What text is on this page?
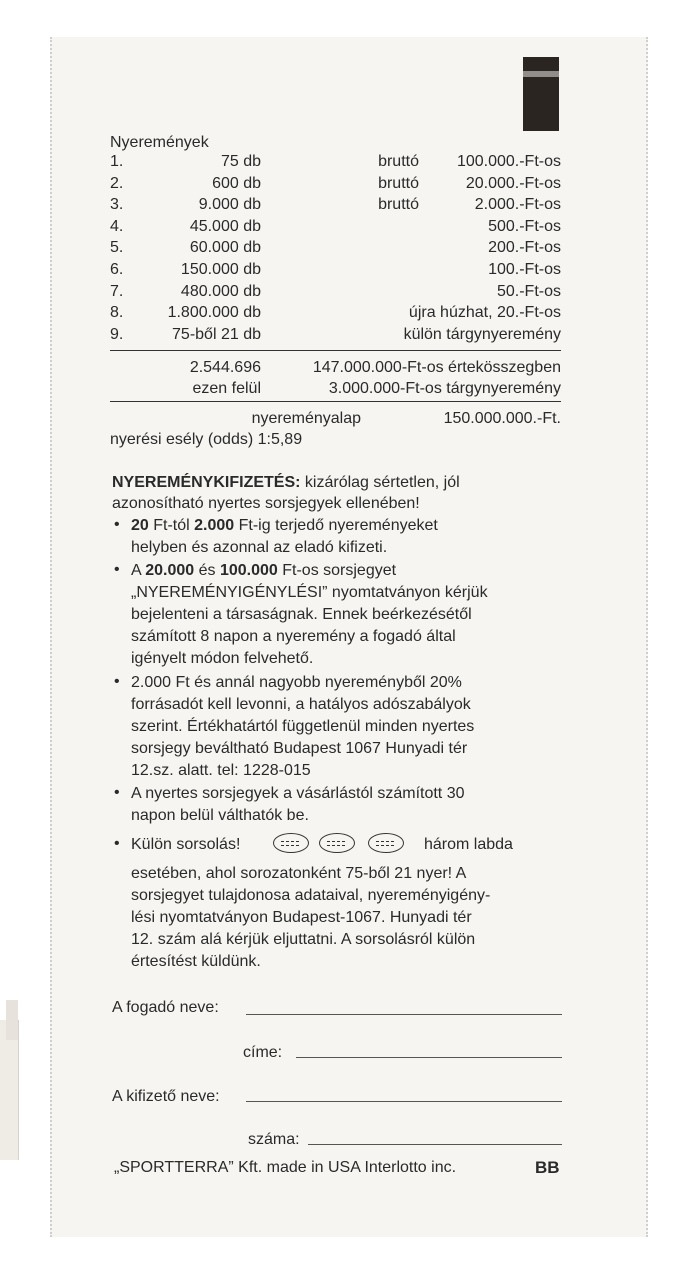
Nyeremények
1.	75 db	bruttó	100.000.-Ft-os
2.	600 db	bruttó	20.000.-Ft-os
3.	9.000 db	bruttó	2.000.-Ft-os
4.	45.000 db	500.-Ft-os
5.	60.000 db	200.-Ft-os
6.	150.000 db	100.-Ft-os
7.	480.000 db	50.-Ft-os
8.	1.800.000 db	újra húzhat, 20.-Ft-os
9.	75-ből 21 db	külön tárgynyeremény
2.544.696	147.000.000-Ft-os értekösszegben
ezen felül	3.000.000-Ft-os tárgynyeremény
nyereményalap	150.000.000.-Ft.
nyerési esély (odds) 1:5,89
NYEREMÉNYKIFIZETÉS: kizárólag sértetlen, jól
azonosítható nyertes sorsjegyek ellenében!
• 20 Ft-tól 2.000 Ft-ig terjedő nyereményeket
helyben és azonnal az eladó kifizeti.
• A 20.000 és 100.000 Ft-os sorsjegyet
„NYEREMÉNYIGÉNYLÉSI” nyomtatványon kérjük
bejelenteni a társaságnak. Ennek beérkezésétől
számított 8 napon a nyeremény a fogadó által
igényelt módon felvehető.
• 2.000 Ft és annál nagyobb nyereményből 20%
forrásadót kell levonni, a hatályos adószabályok
szerint. Értékhatártól függetlenül minden nyertes
sorsjegy beváltható Budapest 1067 Hunyadi tér
12.sz. alatt. tel: 1228-015
• A nyertes sorsjegyek a vásárlástól számított 30
napon belül válthatók be.
• Külön sorsolás!	három labda
esetében, ahol sorozatonként 75-ből 21 nyer! A
sorsjegyet tulajdonosa adataival, nyereményigény-
lési nyomtatványon Budapest-1067. Hunyadi tér
12. szám alá kérjük eljuttatni. A sorsolásról külön
értesítést küldünk.
A fogadó neve:
címe:
A kifizető neve:
száma:
„SPORTTERRA” Kft. made in USA Interlotto inc.	BB
